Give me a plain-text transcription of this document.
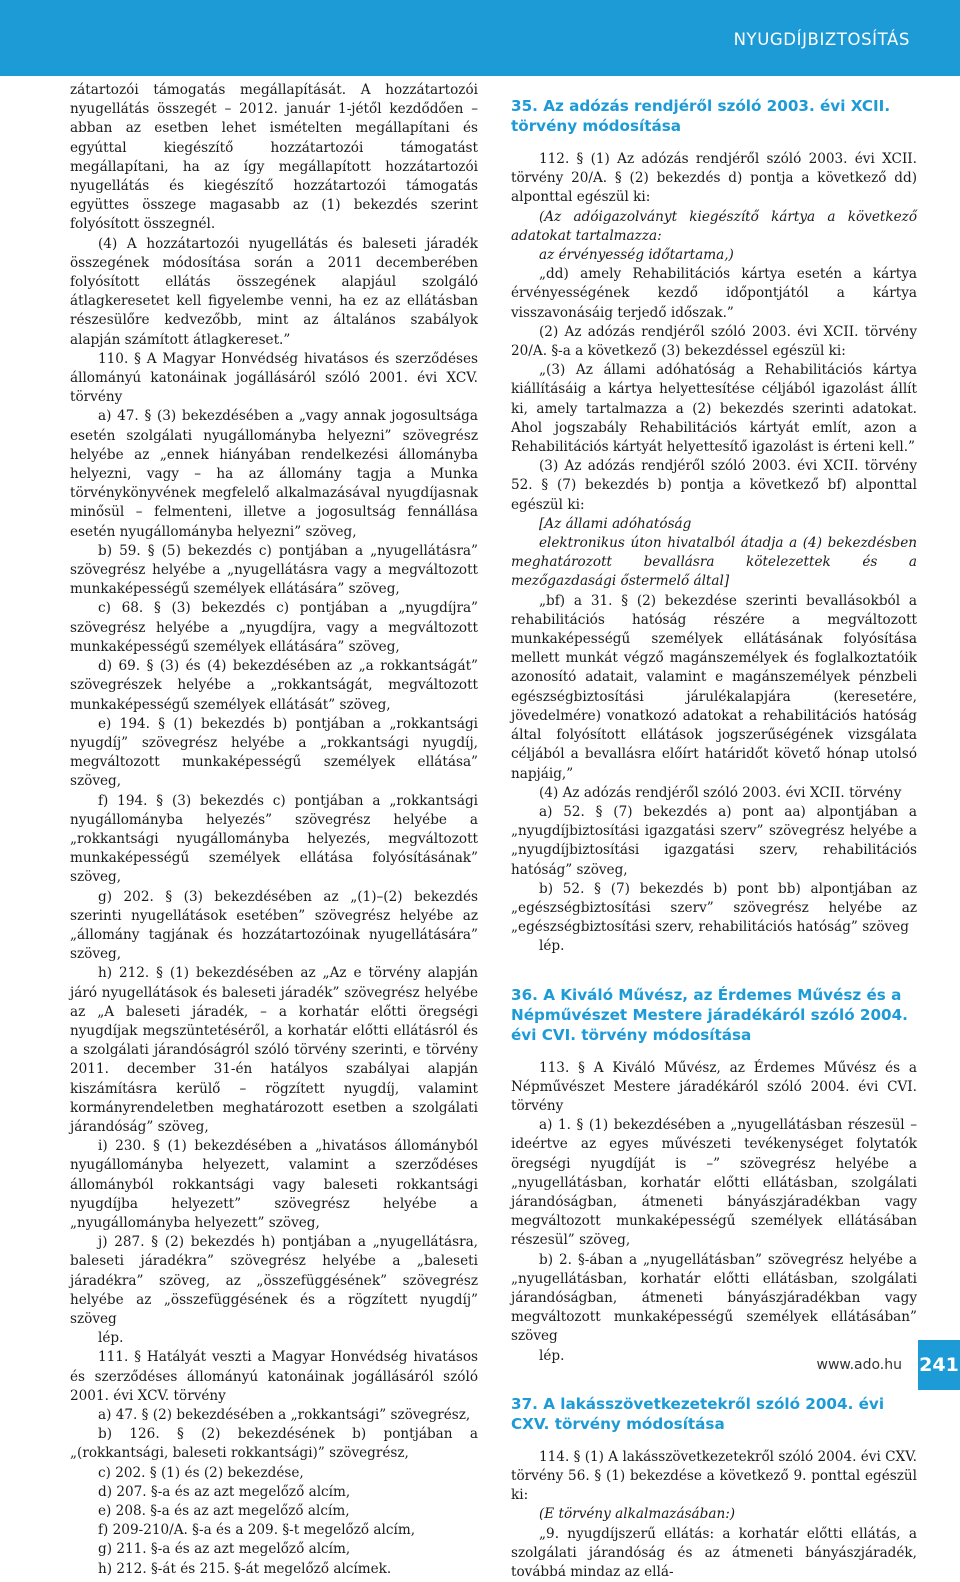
NYUGDÍJBIZTOSÍTÁS

zátartozói támogatás megállapítását. A hozzátartozói nyugellátás összegét – 2012. január 1-jétől kezdődően – abban az esetben lehet ismételten megállapítani és egyúttal kiegészítő hozzátartozói támogatást megállapítani, ha az így megállapított hozzátartozói nyugellátás és kiegészítő hozzátartozói támogatás együttes összege magasabb az (1) bekezdés szerint folyósított összegnél.

(4) A hozzátartozói nyugellátás és baleseti járadék összegének módosítása során a 2011 decemberében folyósított ellátás összegének alapjául szolgáló átlagkeresetet kell figyelembe venni, ha ez az ellátásban részesülőre kedvezőbb, mint az általános szabályok alapján számított átlagkereset.”

110. § A Magyar Honvédség hivatásos és szerződéses állományú katonáinak jogállásáról szóló 2001. évi XCV. törvény

a) 47. § (3) bekezdésében a „vagy annak jogosultsága esetén szolgálati nyugállományba helyezni” szövegrész helyébe az „ennek hiányában rendelkezési állományba helyezni, vagy – ha az állomány tagja a Munka törvénykönyvének megfelelő alkalmazásával nyugdíjasnak minősül – felmenteni, illetve a jogosultság fennállása esetén nyugállományba helyezni” szöveg,

b) 59. § (5) bekezdés c) pontjában a „nyugellátásra” szövegrész helyébe a „nyugellátásra vagy a megváltozott munkaképességű személyek ellátására” szöveg,

c) 68. § (3) bekezdés c) pontjában a „nyugdíjra” szövegrész helyébe a „nyugdíjra, vagy a megváltozott munkaképességű személyek ellátására” szöveg,

d) 69. § (3) és (4) bekezdésében az „a rokkantságát” szövegrészek helyébe a „rokkantságát, megváltozott munkaképességű személyek ellátását” szöveg,

e) 194. § (1) bekezdés b) pontjában a „rokkantsági nyugdíj” szövegrész helyébe a „rokkantsági nyugdíj, megváltozott munkaképességű személyek ellátása” szöveg,

f) 194. § (3) bekezdés c) pontjában a „rokkantsági nyugállományba helyezés” szövegrész helyébe a „rokkantsági nyugállományba helyezés, megváltozott munkaképességű személyek ellátása folyósításának” szöveg,

g) 202. § (3) bekezdésében az „(1)–(2) bekezdés szerinti nyugellátások esetében” szövegrész helyébe az „állomány tagjának és hozzátartozóinak nyugellátására” szöveg,

h) 212. § (1) bekezdésében az „Az e törvény alapján járó nyugellátások és baleseti járadék” szövegrész helyébe az „A baleseti járadék, – a korhatár előtti öregségi nyugdíjak megszüntetéséről, a korhatár előtti ellátásról és a szolgálati járandóságról szóló törvény szerinti, e törvény 2011. december 31-én hatályos szabályai alapján kiszámításra kerülő – rögzített nyugdíj, valamint kormányrendeletben meghatározott esetben a szolgálati járandóság” szöveg,

i) 230. § (1) bekezdésében a „hivatásos állományból nyugállományba helyezett, valamint a szerződéses állományból rokkantsági vagy baleseti rokkantsági nyugdíjba helyezett” szövegrész helyébe a „nyugállományba helyezett” szöveg,

j) 287. § (2) bekezdés h) pontjában a „nyugellátásra, baleseti járadékra” szövegrész helyébe a „baleseti járadékra” szöveg, az „összefüggésének” szövegrész helyébe az „összefüggésének és a rögzített nyugdíj” szöveg

lép.

111. § Hatályát veszti a Magyar Honvédség hivatásos és szerződéses állományú katonáinak jogállásáról szóló 2001. évi XCV. törvény

a) 47. § (2) bekezdésében a „rokkantsági” szövegrész,

b) 126. § (2) bekezdésének b) pontjában a „(rokkantsági, baleseti rokkantsági)” szövegrész,

c) 202. § (1) és (2) bekezdése,

d) 207. §-a és az azt megelőző alcím,

e) 208. §-a és az azt megelőző alcím,

f) 209-210/A. §-a és a 209. §-t megelőző alcím,

g) 211. §-a és az azt megelőző alcím,

h) 212. §-át és 215. §-át megelőző alcímek.

35. Az adózás rendjéről szóló 2003. évi XCII. törvény módosítása

112. § (1) Az adózás rendjéről szóló 2003. évi XCII. törvény 20/A. § (2) bekezdés d) pontja a következő dd) alponttal egészül ki:

(Az adóigazolványt kiegészítő kártya a következő adatokat tartalmazza:

az érvényesség időtartama,)

„dd) amely Rehabilitációs kártya esetén a kártya érvényességének kezdő időpontjától a kártya visszavonásáig terjedő időszak.”

(2) Az adózás rendjéről szóló 2003. évi XCII. törvény 20/A. §-a a következő (3) bekezdéssel egészül ki:

„(3) Az állami adóhatóság a Rehabilitációs kártya kiállításáig a kártya helyettesítése céljából igazolást állít ki, amely tartalmazza a (2) bekezdés szerinti adatokat. Ahol jogszabály Rehabilitációs kártyát említ, azon a Rehabilitációs kártyát helyettesítő igazolást is érteni kell.”

(3) Az adózás rendjéről szóló 2003. évi XCII. törvény 52. § (7) bekezdés b) pontja a következő bf) alponttal egészül ki:

[Az állami adóhatóság

elektronikus úton hivatalból átadja a (4) bekezdésben meghatározott bevallásra kötelezettek és a mezőgazdasági őstermelő által]

„bf) a 31. § (2) bekezdése szerinti bevallásokból a rehabilitációs hatóság részére a megváltozott munkaképességű személyek ellátásának folyósítása mellett munkát végző magánszemélyek és foglalkoztatóik azonosító adatait, valamint e magánszemélyek pénzbeli egészségbiztosítási járulékalapjára (keresetére, jövedelmére) vonatkozó adatokat a rehabilitációs hatóság által folyósított ellátások jogszerűségének vizsgálata céljából a bevallásra előírt határidőt követő hónap utolsó napjáig,”

(4) Az adózás rendjéről szóló 2003. évi XCII. törvény

a) 52. § (7) bekezdés a) pont aa) alpontjában a „nyugdíjbiztosítási igazgatási szerv” szövegrész helyébe a „nyugdíjbiztosítási igazgatási szerv, rehabilitációs hatóság” szöveg,

b) 52. § (7) bekezdés b) pont bb) alpontjában az „egészségbiztosítási szerv” szövegrész helyébe az „egészségbiztosítási szerv, rehabilitációs hatóság” szöveg

lép.

36. A Kiváló Művész, az Érdemes Művész és a Népművészet Mestere járadékáról szóló 2004. évi CVI. törvény módosítása

113. § A Kiváló Művész, az Érdemes Művész és a Népművészet Mestere járadékáról szóló 2004. évi CVI. törvény

a) 1. § (1) bekezdésében a „nyugellátásban részesül – ideértve az egyes művészeti tevékenységet folytatók öregségi nyugdíját is –” szövegrész helyébe a „nyugellátásban, korhatár előtti ellátásban, szolgálati járandóságban, átmeneti bányászjáradékban vagy megváltozott munkaképességű személyek ellátásában részesül” szöveg,

b) 2. §-ában a „nyugellátásban” szövegrész helyébe a „nyugellátásban, korhatár előtti ellátásban, szolgálati járandóságban, átmeneti bányászjáradékban vagy megváltozott munkaképességű személyek ellátásában” szöveg

lép.

37. A lakásszövetkezetekről szóló 2004. évi CXV. törvény módosítása

114. § (1) A lakásszövetkezetekről szóló 2004. évi CXV. törvény 56. § (1) bekezdése a következő 9. ponttal egészül ki:

(E törvény alkalmazásában:)

„9. nyugdíjszerű ellátás: a korhatár előtti ellátás, a szolgálati járandóság és az átmeneti bányászjáradék, továbbá mindaz az ellá-

www.ado.hu 241
